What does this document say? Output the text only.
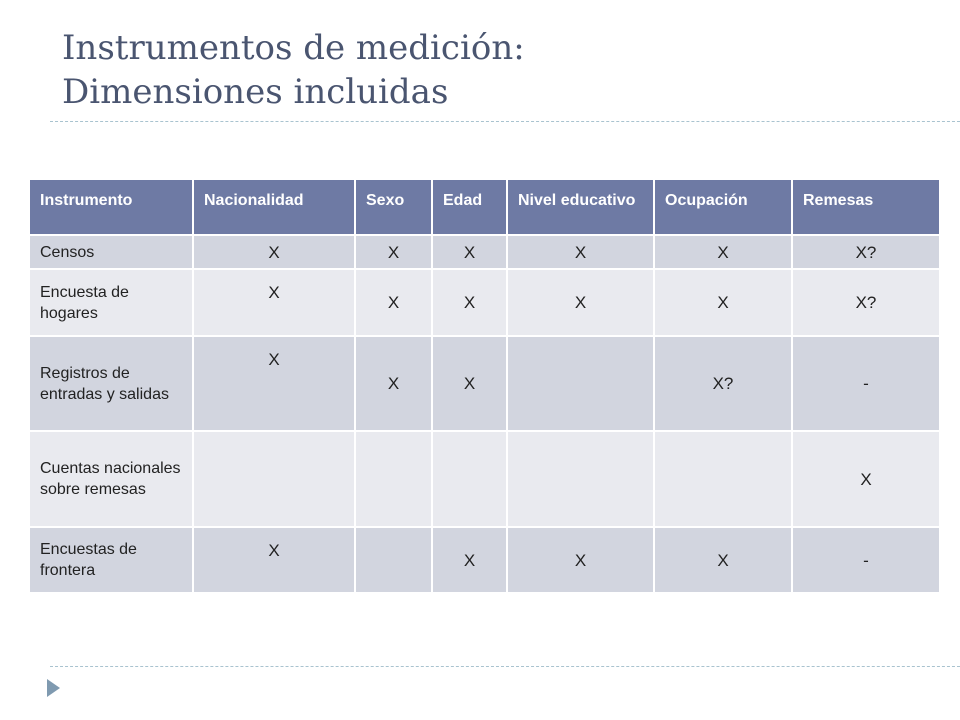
Instrumentos de medición:
Dimensiones incluidas
Instrumento	Nacionalidad	Sexo	Edad	Nivel educativo	Ocupación	Remesas
Censos	X	X	X	X	X	X?
Encuesta de hogares	X	X	X	X	X	X?
Registros de entradas y salidas	X	X	X		X?	-
Cuentas nacionales sobre remesas						X
Encuestas de frontera	X		X	X	X	-
